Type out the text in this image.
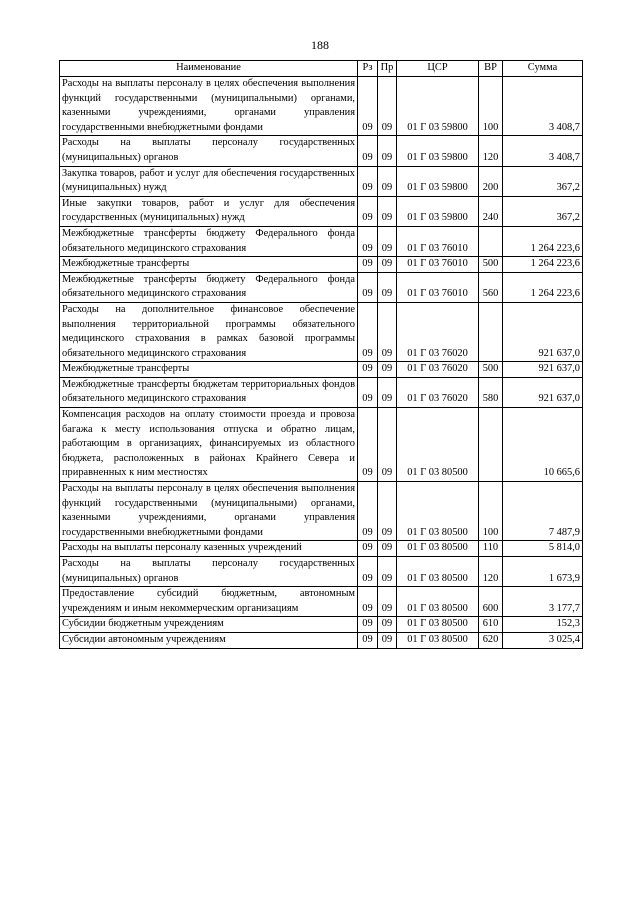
188
Наименование	Рз	Пр	ЦСР	ВР	Сумма
Расходы на выплаты персоналу в целях обеспечения выполнения функций государственными (муниципальными) органами, казенными учреждениями, органами управления государственными внебюджетными фондами	09	09	01 Г 03 59800	100	3 408,7
Расходы на выплаты персоналу государственных (муниципальных) органов	09	09	01 Г 03 59800	120	3 408,7
Закупка товаров, работ и услуг для обеспечения государственных (муниципальных) нужд	09	09	01 Г 03 59800	200	367,2
Иные закупки товаров, работ и услуг для обеспечения государственных (муниципальных) нужд	09	09	01 Г 03 59800	240	367,2
Межбюджетные трансферты бюджету Федерального фонда обязательного медицинского страхования	09	09	01 Г 03 76010		1 264 223,6
Межбюджетные трансферты	09	09	01 Г 03 76010	500	1 264 223,6
Межбюджетные трансферты бюджету Федерального фонда обязательного медицинского страхования	09	09	01 Г 03 76010	560	1 264 223,6
Расходы на дополнительное финансовое обеспечение выполнения территориальной программы обязательного медицинского страхования в рамках базовой программы обязательного медицинского страхования	09	09	01 Г 03 76020		921 637,0
Межбюджетные трансферты	09	09	01 Г 03 76020	500	921 637,0
Межбюджетные трансферты бюджетам территориальных фондов обязательного медицинского страхования	09	09	01 Г 03 76020	580	921 637,0
Компенсация расходов на оплату стоимости проезда и провоза багажа к месту использования отпуска и обратно лицам, работающим в организациях, финансируемых из областного бюджета, расположенных в районах Крайнего Севера и приравненных к ним местностях	09	09	01 Г 03 80500		10 665,6
Расходы на выплаты персоналу в целях обеспечения выполнения функций государственными (муниципальными) органами, казенными учреждениями, органами управления государственными внебюджетными фондами	09	09	01 Г 03 80500	100	7 487,9
Расходы на выплаты персоналу казенных учреждений	09	09	01 Г 03 80500	110	5 814,0
Расходы на выплаты персоналу государственных (муниципальных) органов	09	09	01 Г 03 80500	120	1 673,9
Предоставление субсидий бюджетным, автономным учреждениям и иным некоммерческим организациям	09	09	01 Г 03 80500	600	3 177,7
Субсидии бюджетным учреждениям	09	09	01 Г 03 80500	610	152,3
Субсидии автономным учреждениям	09	09	01 Г 03 80500	620	3 025,4
